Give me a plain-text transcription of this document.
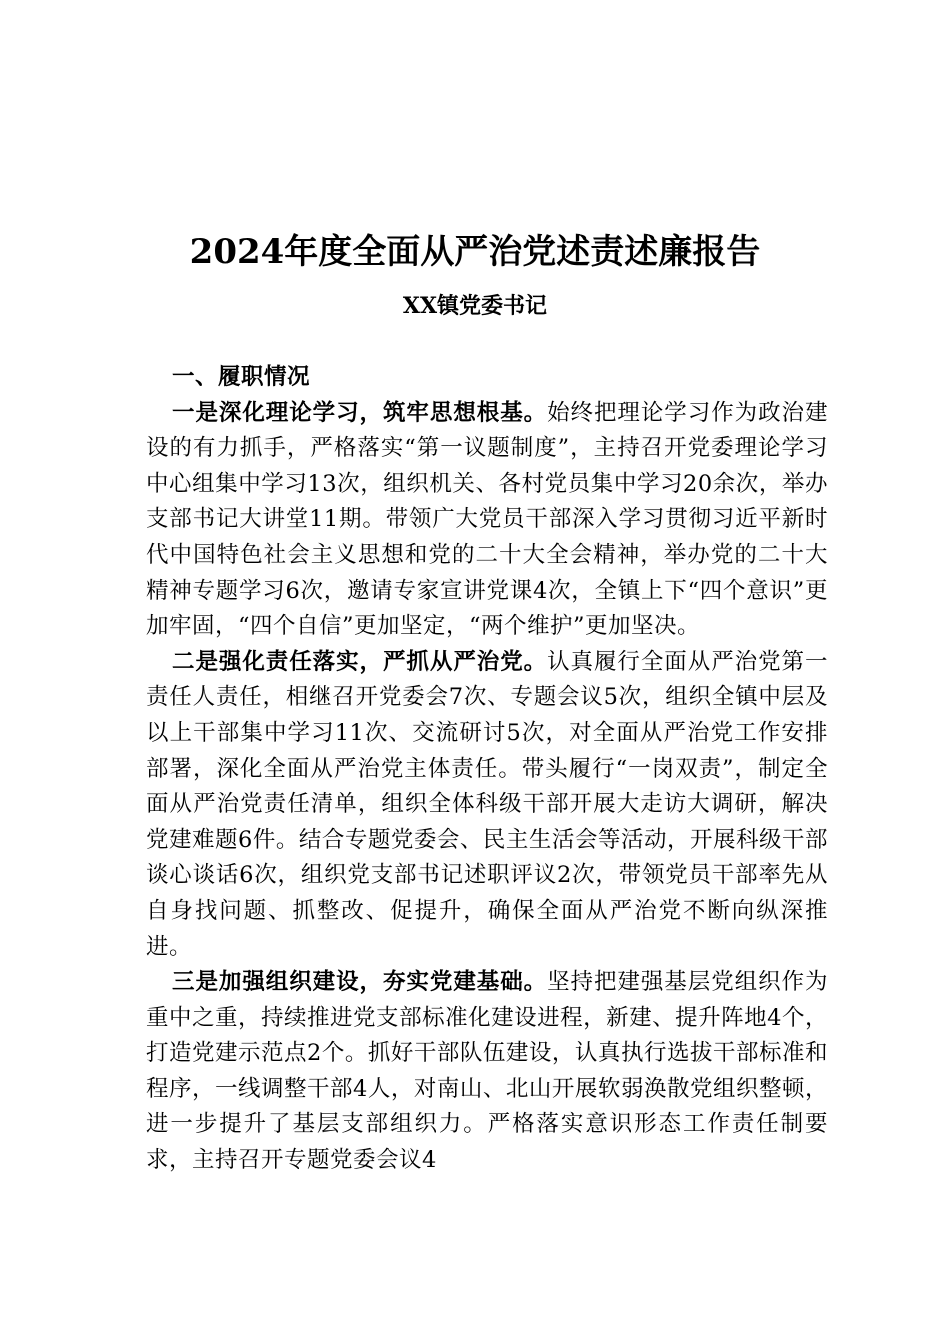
2024年度全面从严治党述责述廉报告
XX镇党委书记

一、履职情况

一是深化理论学习，筑牢思想根基。始终把理论学习作为政治建设的有力抓手，严格落实“第一议题制度”，主持召开党委理论学习中心组集中学习13次，组织机关、各村党员集中学习20余次，举办支部书记大讲堂11期。带领广大党员干部深入学习贯彻习近平新时代中国特色社会主义思想和党的二十大全会精神，举办党的二十大精神专题学习6次，邀请专家宣讲党课4次，全镇上下“四个意识”更加牢固，“四个自信”更加坚定，“两个维护”更加坚决。

二是强化责任落实，严抓从严治党。认真履行全面从严治党第一责任人责任，相继召开党委会7次、专题会议5次，组织全镇中层及以上干部集中学习11次、交流研讨5次，对全面从严治党工作安排部署，深化全面从严治党主体责任。带头履行“一岗双责”，制定全面从严治党责任清单，组织全体科级干部开展大走访大调研，解决党建难题6件。结合专题党委会、民主生活会等活动，开展科级干部谈心谈话6次，组织党支部书记述职评议2次，带领党员干部率先从自身找问题、抓整改、促提升，确保全面从严治党不断向纵深推进。

三是加强组织建设，夯实党建基础。坚持把建强基层党组织作为重中之重，持续推进党支部标准化建设进程，新建、提升阵地4个，打造党建示范点2个。抓好干部队伍建设，认真执行选拔干部标准和程序，一线调整干部4人，对南山、北山开展软弱涣散党组织整顿，进一步提升了基层支部组织力。严格落实意识形态工作责任制要求，主持召开专题党委会议4
